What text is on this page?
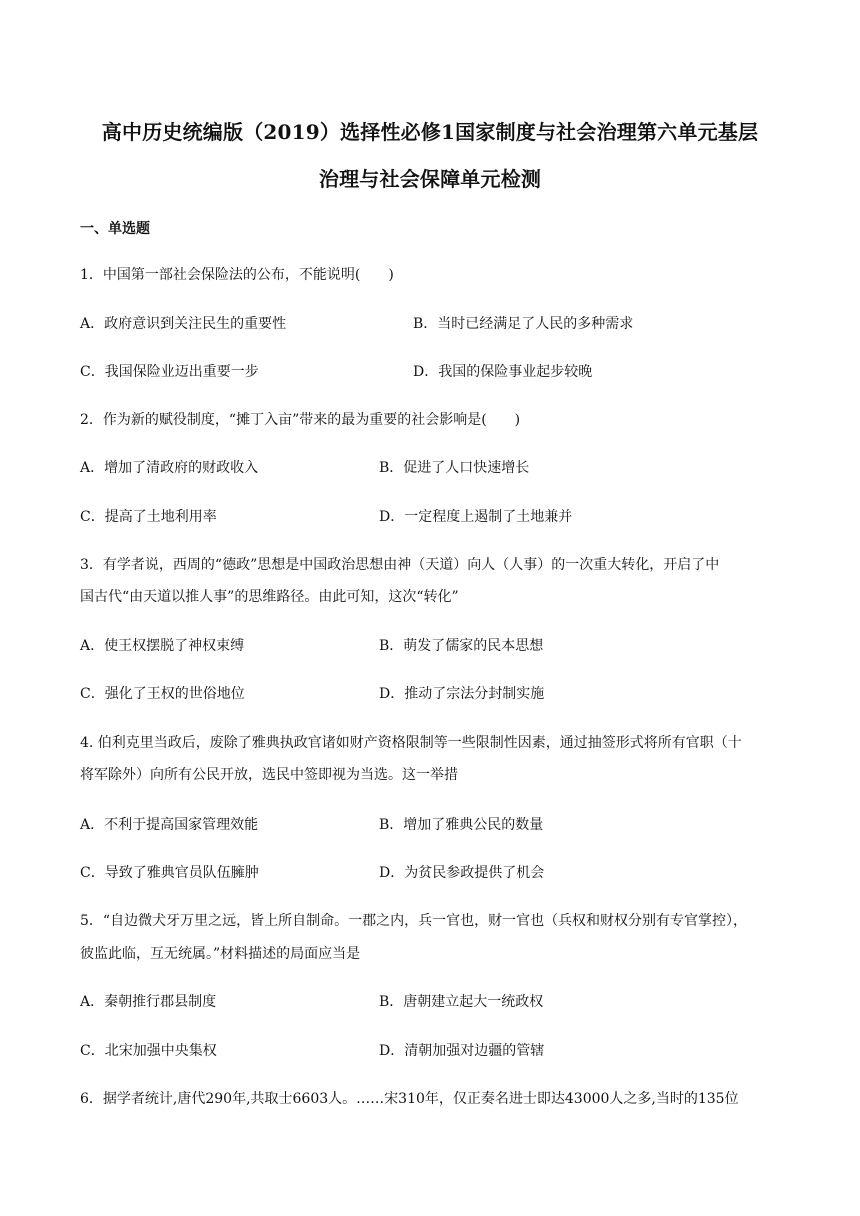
高中历史统编版（2019）选择性必修1国家制度与社会治理第六单元基层
治理与社会保障单元检测
一、单选题
1．中国第一部社会保险法的公布，不能说明(　　)
A．政府意识到关注民生的重要性	B．当时已经满足了人民的多种需求
C．我国保险业迈出重要一步	D．我国的保险事业起步较晚
2．作为新的赋役制度，“摊丁入亩”带来的最为重要的社会影响是(　　)
A．增加了清政府的财政收入	B．促进了人口快速增长
C．提高了土地利用率	D．一定程度上遏制了土地兼并
3．有学者说，西周的“德政”思想是中国政治思想由神（天道）向人（人事）的一次重大转化，开启了中
国古代“由天道以推人事”的思维路径。由此可知，这次“转化”
A．使王权摆脱了神权束缚	B．萌发了儒家的民本思想
C．强化了王权的世俗地位	D．推动了宗法分封制实施
4. 伯利克里当政后，废除了雅典执政官诸如财产资格限制等一些限制性因素，通过抽签形式将所有官职（十
将军除外）向所有公民开放，选民中签即视为当选。这一举措
A．不利于提高国家管理效能	B．增加了雅典公民的数量
C．导致了雅典官员队伍臃肿	D．为贫民参政提供了机会
5．“自边微犬牙万里之远，皆上所自制命。一郡之内，兵一官也，财一官也（兵权和财权分别有专官掌控），
彼监此临，互无统属。”材料描述的局面应当是
A．秦朝推行郡县制度	B．唐朝建立起大一统政权
C．北宋加强中央集权	D．清朝加强对边疆的管辖
6．据学者统计,唐代290年,共取士6603人。……宋310年，仅正奏名进士即达43000人之多,当时的135位
